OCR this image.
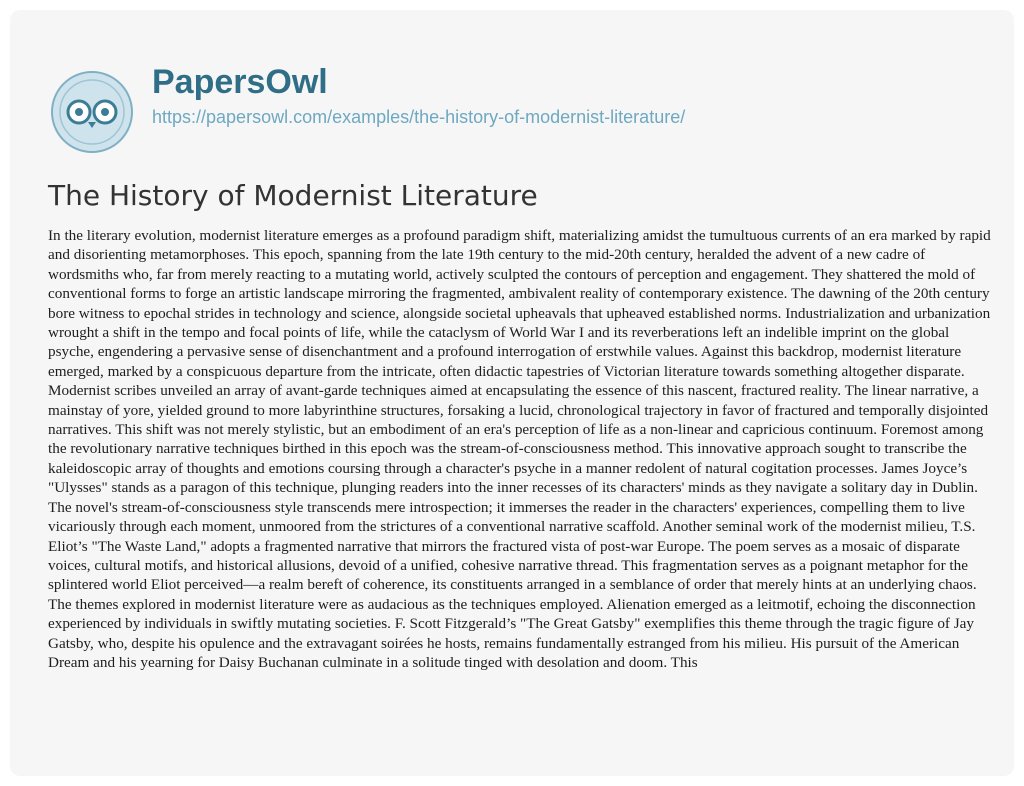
PapersOwl
https://papersowl.com/examples/the-history-of-modernist-literature/
The History of Modernist Literature

In the literary evolution, modernist literature emerges as a profound paradigm shift, materializing amidst the tumultuous currents of an era marked by rapid and disorienting metamorphoses. This epoch, spanning from the late 19th century to the mid-20th century, heralded the advent of a new cadre of wordsmiths who, far from merely reacting to a mutating world, actively sculpted the contours of perception and engagement. They shattered the mold of conventional forms to forge an artistic landscape mirroring the fragmented, ambivalent reality of contemporary existence. The dawning of the 20th century bore witness to epochal strides in technology and science, alongside societal upheavals that upheaved established norms. Industrialization and urbanization wrought a shift in the tempo and focal points of life, while the cataclysm of World War I and its reverberations left an indelible imprint on the global psyche, engendering a pervasive sense of disenchantment and a profound interrogation of erstwhile values. Against this backdrop, modernist literature emerged, marked by a conspicuous departure from the intricate, often didactic tapestries of Victorian literature towards something altogether disparate. Modernist scribes unveiled an array of avant-garde techniques aimed at encapsulating the essence of this nascent, fractured reality. The linear narrative, a mainstay of yore, yielded ground to more labyrinthine structures, forsaking a lucid, chronological trajectory in favor of fractured and temporally disjointed narratives. This shift was not merely stylistic, but an embodiment of an era's perception of life as a non-linear and capricious continuum. Foremost among the revolutionary narrative techniques birthed in this epoch was the stream-of-consciousness method. This innovative approach sought to transcribe the kaleidoscopic array of thoughts and emotions coursing through a character's psyche in a manner redolent of natural cogitation processes. James Joyce’s "Ulysses" stands as a paragon of this technique, plunging readers into the inner recesses of its characters' minds as they navigate a solitary day in Dublin. The novel's stream-of-consciousness style transcends mere introspection; it immerses the reader in the characters' experiences, compelling them to live vicariously through each moment, unmoored from the strictures of a conventional narrative scaffold. Another seminal work of the modernist milieu, T.S. Eliot’s "The Waste Land," adopts a fragmented narrative that mirrors the fractured vista of post-war Europe. The poem serves as a mosaic of disparate voices, cultural motifs, and historical allusions, devoid of a unified, cohesive narrative thread. This fragmentation serves as a poignant metaphor for the splintered world Eliot perceived—a realm bereft of coherence, its constituents arranged in a semblance of order that merely hints at an underlying chaos. The themes explored in modernist literature were as audacious as the techniques employed. Alienation emerged as a leitmotif, echoing the disconnection experienced by individuals in swiftly mutating societies. F. Scott Fitzgerald’s "The Great Gatsby" exemplifies this theme through the tragic figure of Jay Gatsby, who, despite his opulence and the extravagant soirées he hosts, remains fundamentally estranged from his milieu. His pursuit of the American Dream and his yearning for Daisy Buchanan culminate in a solitude tinged with desolation and doom. This
